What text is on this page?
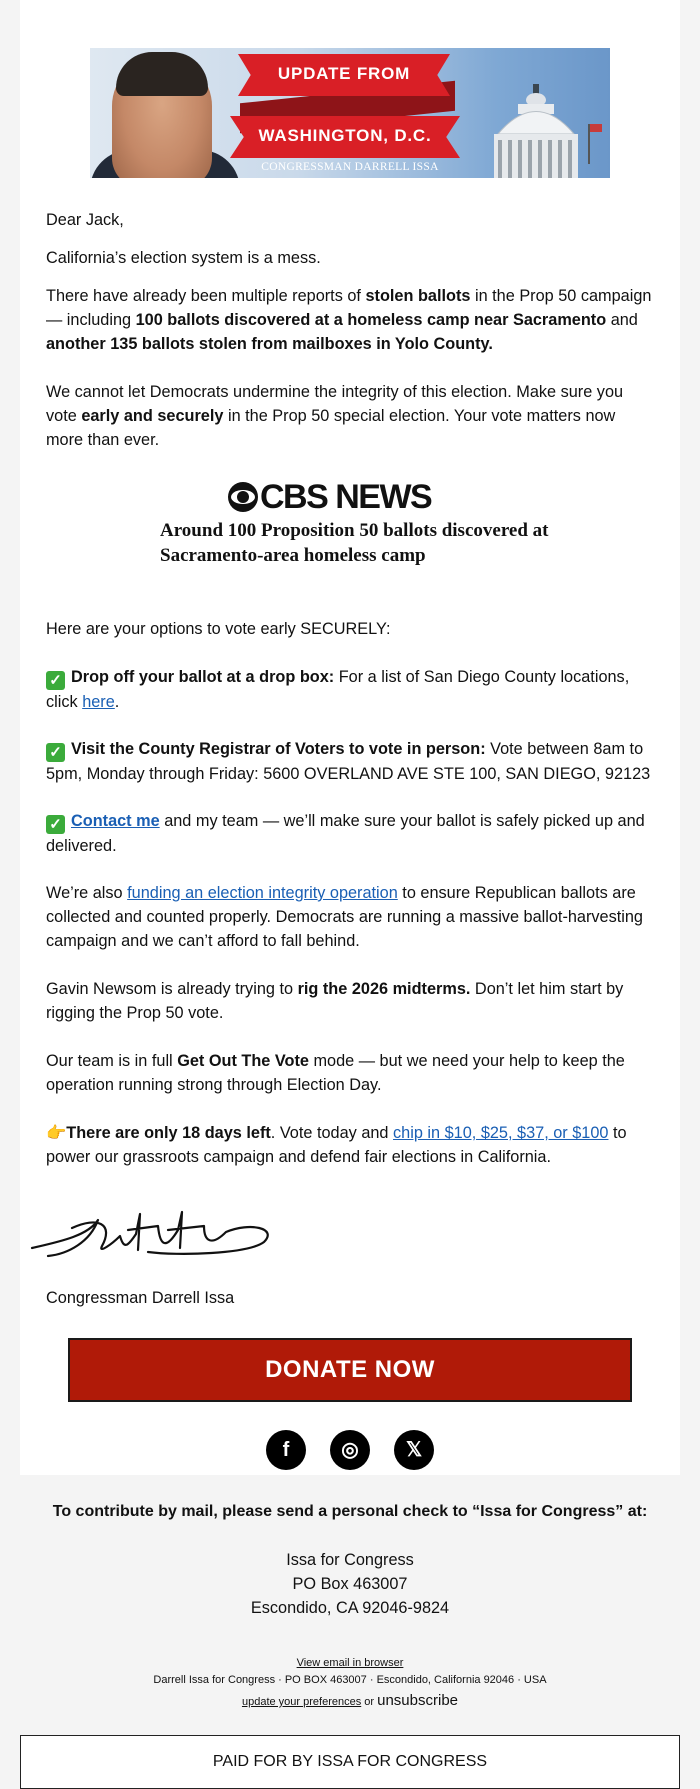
UPDATE FROM
WASHINGTON, D.C.
CONGRESSMAN DARRELL ISSA
Dear Jack,
California’s election system is a mess.
There have already been multiple reports of stolen ballots in the Prop 50 campaign — including 100 ballots discovered at a homeless camp near Sacramento and another 135 ballots stolen from mailboxes in Yolo County.
We cannot let Democrats undermine the integrity of this election. Make sure you vote early and securely in the Prop 50 special election. Your vote matters now more than ever.
CBS NEWS
Around 100 Proposition 50 ballots discovered at Sacramento-area homeless camp
Here are your options to vote early SECURELY:
✓ Drop off your ballot at a drop box: For a list of San Diego County locations, click here.
✓ Visit the County Registrar of Voters to vote in person: Vote between 8am to 5pm, Monday through Friday: 5600 OVERLAND AVE STE 100, SAN DIEGO, 92123
✓ Contact me and my team — we’ll make sure your ballot is safely picked up and delivered.
We’re also funding an election integrity operation to ensure Republican ballots are collected and counted properly. Democrats are running a massive ballot-harvesting campaign and we can’t afford to fall behind.
Gavin Newsom is already trying to rig the 2026 midterms. Don’t let him start by rigging the Prop 50 vote.
Our team is in full Get Out The Vote mode — but we need your help to keep the operation running strong through Election Day.
👉There are only 18 days left. Vote today and chip in $10, $25, $37, or $100 to power our grassroots campaign and defend fair elections in California.
Congressman Darrell Issa
DONATE NOW
f	◎	𝕏
To contribute by mail, please send a personal check to “Issa for Congress” at:
Issa for Congress
PO Box 463007
Escondido, CA 92046-9824
View email in browser
Darrell Issa for Congress · PO BOX 463007 · Escondido, California 92046 · USA
update your preferences or unsubscribe
PAID FOR BY ISSA FOR CONGRESS
